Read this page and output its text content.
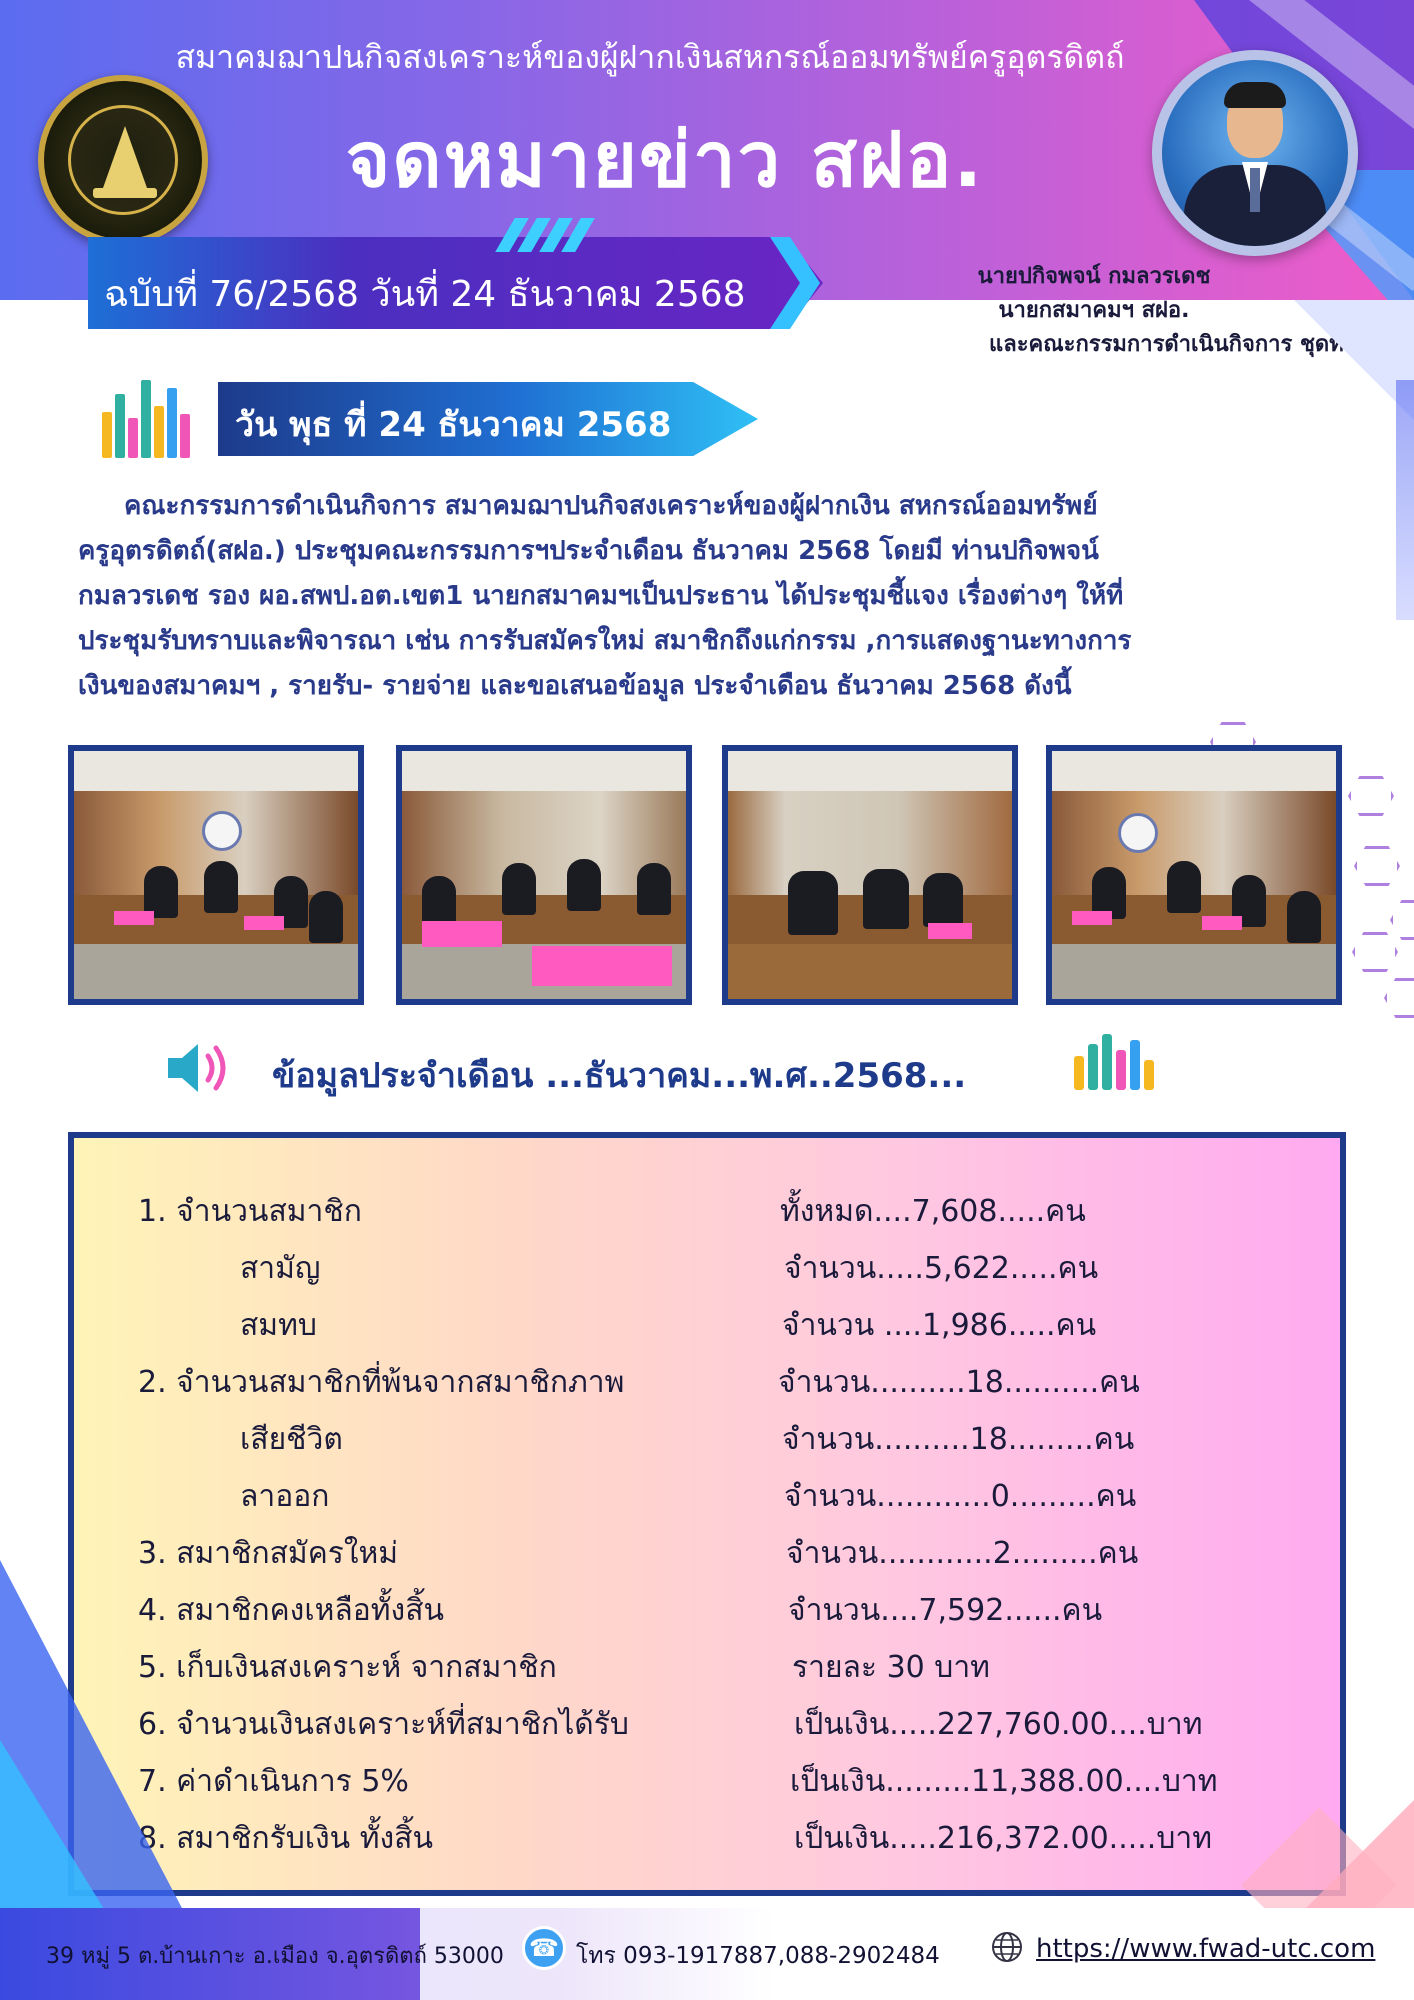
สมาคมฌาปนกิจสงเคราะห์ของผู้ฝากเงินสหกรณ์ออมทรัพย์ครูอุตรดิตถ์
จดหมายข่าว สฝอ.
ฉบับที่ 76/2568 วันที่ 24 ธันวาคม 2568	นายปกิจพจน์ กมลวรเดช
นายกสมาคมฯ สฝอ.
และคณะกรรมการดำเนินกิจการ ชุดที่ 13
วัน พุธ ที่ 24 ธันวาคม 2568
คณะกรรมการดำเนินกิจการ สมาคมฌาปนกิจสงเคราะห์ของผู้ฝากเงิน สหกรณ์ออมทรัพย์
ครูอุตรดิตถ์(สฝอ.) ประชุมคณะกรรมการฯประจำเดือน ธันวาคม 2568 โดยมี ท่านปกิจพจน์
กมลวรเดช รอง ผอ.สพป.อต.เขต1 นายกสมาคมฯเป็นประธาน ได้ประชุมชี้แจง เรื่องต่างๆ ให้ที่
ประชุมรับทราบและพิจารณา เช่น การรับสมัครใหม่ สมาชิกถึงแก่กรรม ,การแสดงฐานะทางการ
เงินของสมาคมฯ , รายรับ- รายจ่าย และขอเสนอข้อมูล ประจำเดือน ธันวาคม 2568 ดังนี้
ข้อมูลประจำเดือน ...ธันวาคม...พ.ศ..2568...
1. จำนวนสมาชิก	ทั้งหมด....7,608.....คน
สามัญ	จำนวน.....5,622.....คน
สมทบ	จำนวน ....1,986.....คน
2. จำนวนสมาชิกที่พ้นจากสมาชิกภาพ	จำนวน..........18..........คน
เสียชีวิต	จำนวน..........18.........คน
ลาออก	จำนวน............0.........คน
3. สมาชิกสมัครใหม่	จำนวน............2.........คน
4. สมาชิกคงเหลือทั้งสิ้น	จำนวน....7,592......คน
5. เก็บเงินสงเคราะห์ จากสมาชิก	รายละ 30 บาท
6. จำนวนเงินสงเคราะห์ที่สมาชิกได้รับ	เป็นเงิน.....227,760.00....บาท
7. ค่าดำเนินการ 5%	เป็นเงิน.........11,388.00....บาท
8. สมาชิกรับเงิน ทั้งสิ้น	เป็นเงิน.....216,372.00.....บาท
39 หมู่ 5 ต.บ้านเกาะ อ.เมือง จ.อุตรดิตถ์ 53000 ☎ โทร 093-1917887,088-2902484	https://www.fwad-utc.com
